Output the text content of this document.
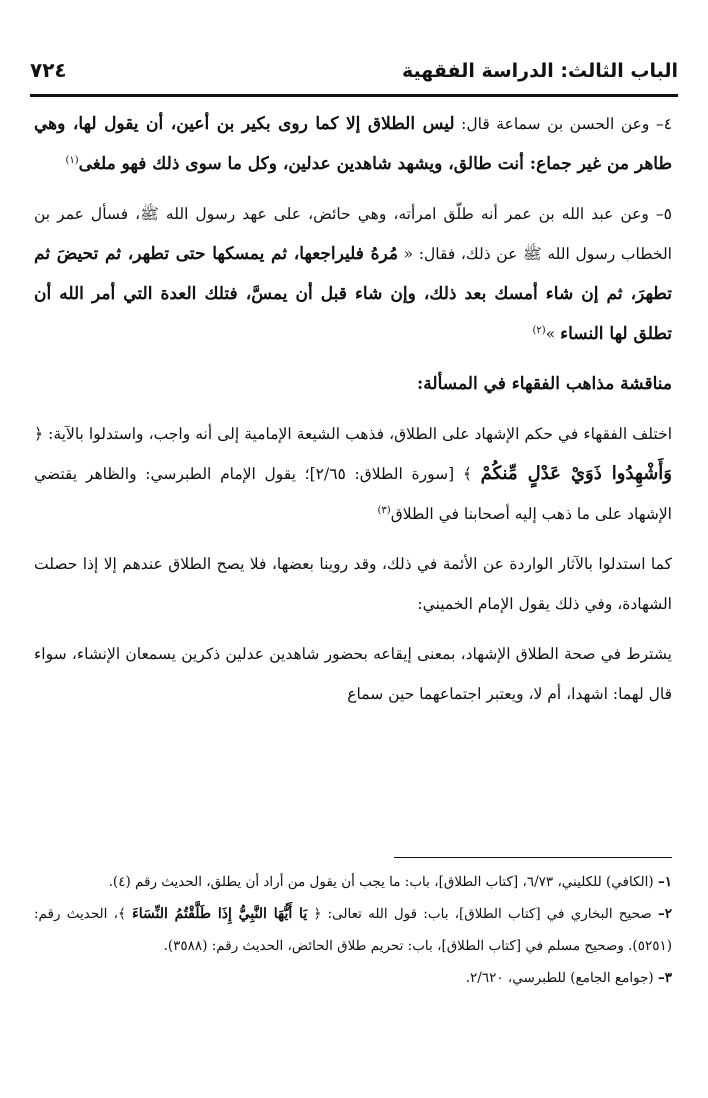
الباب الثالث: الدراسة الفقهية
٧٢٤

٤– وعن الحسن بن سماعة قال: ليس الطلاق إلا كما روى بكير بن أعين، أن يقول لها، وهي طاهر من غير جماع: أنت طالق، ويشهد شاهدين عدلين، وكل ما سوى ذلك فهو ملغى$^{(١)}$

٥– وعن عبد الله بن عمر أنه طلّق امرأته، وهي حائض، على عهد رسول الله ﷺ، فسأل عمر بن الخطاب رسول الله ﷺ عن ذلك، فقال: « مُرهُ فليراجعها، ثم يمسكها حتى تطهر، ثم تحيضَ ثم تطهرَ، ثم إن شاء أمسك بعد ذلك، وإن شاء قبل أن يمسَّ، فتلك العدة التي أمر الله أن تطلق لها النساء »$^{(٢)}$

مناقشة مذاهب الفقهاء في المسألة:

اختلف الفقهاء في حكم الإشهاد على الطلاق، فذهب الشيعة الإمامية إلى أنه واجب، واستدلوا بالآية: ﴿ وَأَشْهِدُوا ذَوَيْ عَدْلٍ مِّنكُمْ ﴾ [سورة الطلاق: ٢/٦٥]؛ يقول الإمام الطبرسي: والظاهر يقتضي الإشهاد على ما ذهب إليه أصحابنا في الطلاق$^{(٣)}$

كما استدلوا بالآثار الواردة عن الأئمة في ذلك، وقد روينا بعضها، فلا يصح الطلاق عندهم إلا إذا حصلت الشهادة، وفي ذلك يقول الإمام الخميني:

يشترط في صحة الطلاق الإشهاد، بمعنى إيقاعه بحضور شاهدين عدلين ذكرين يسمعان الإنشاء، سواء قال لهما: اشهدا، أم لا، ويعتبر اجتماعهما حين سماع

١– (الكافي) للكليني، ٦/٧٣، [كتاب الطلاق]، باب: ما يجب أن يقول من أراد أن يطلق، الحديث رقم (٤).

٢– صحيح البخاري في [كتاب الطلاق]، باب: قول الله تعالى: ﴿ يَا أَيُّهَا النَّبِيُّ إِذَا طَلَّقْتُمُ النِّسَاءَ ﴾، الحديث رقم: (٥٢٥١). وصحيح مسلم في [كتاب الطلاق]، باب: تحريم طلاق الحائض، الحديث رقم: (٣٥٨٨).

٣– (جوامع الجامع) للطبرسي، ٢/٦٢٠.
